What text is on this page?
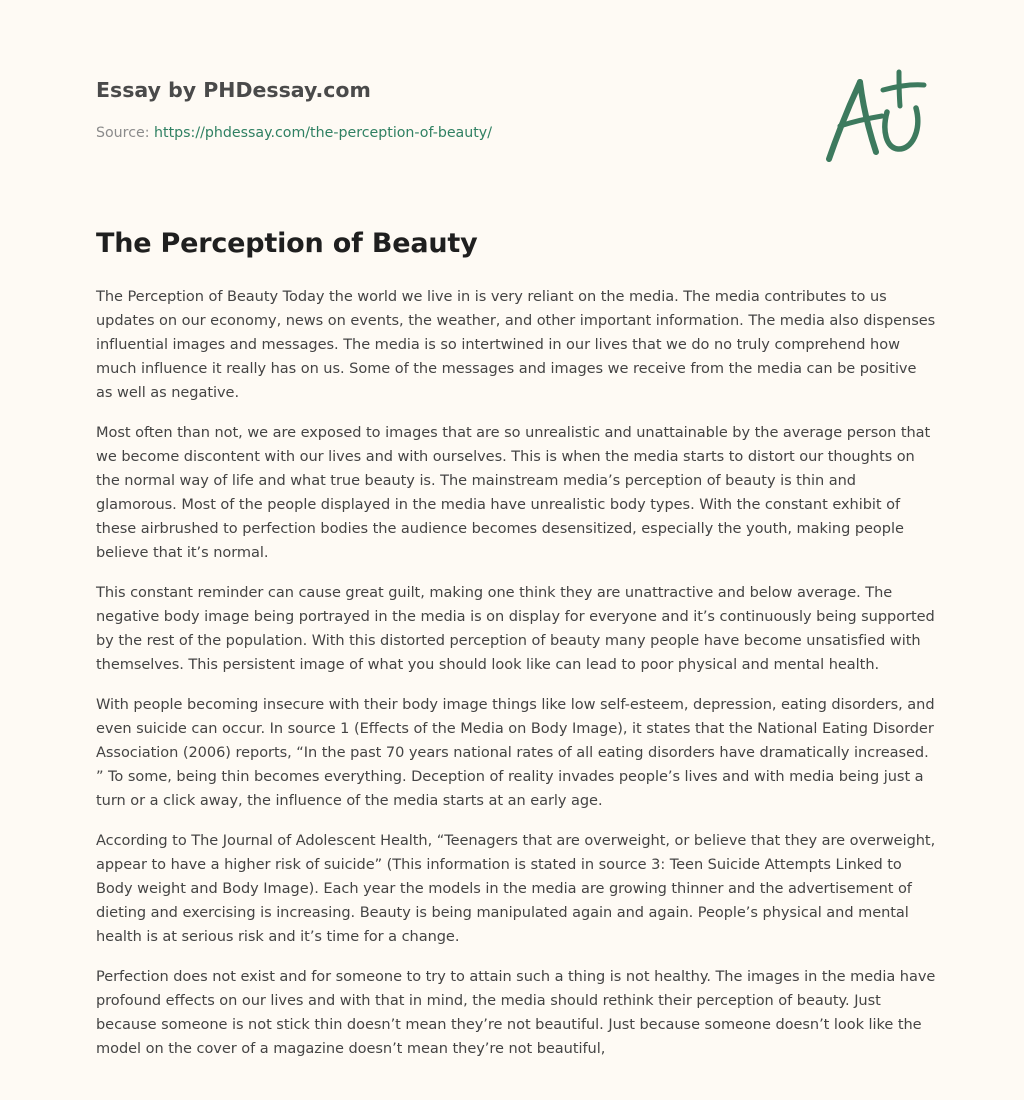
Essay by PHDessay.com
Source: https://phdessay.com/the-perception-of-beauty/
The Perception of Beauty

The Perception of Beauty Today the world we live in is very reliant on the media. The media contributes to us updates on our economy, news on events, the weather, and other important information. The media also dispenses influential images and messages. The media is so intertwined in our lives that we do no truly comprehend how much influence it really has on us. Some of the messages and images we receive from the media can be positive as well as negative.

Most often than not, we are exposed to images that are so unrealistic and unattainable by the average person that we become discontent with our lives and with ourselves. This is when the media starts to distort our thoughts on the normal way of life and what true beauty is. The mainstream media’s perception of beauty is thin and glamorous. Most of the people displayed in the media have unrealistic body types. With the constant exhibit of these airbrushed to perfection bodies the audience becomes desensitized, especially the youth, making people believe that it’s normal.

This constant reminder can cause great guilt, making one think they are unattractive and below average. The negative body image being portrayed in the media is on display for everyone and it’s continuously being supported by the rest of the population. With this distorted perception of beauty many people have become unsatisfied with themselves. This persistent image of what you should look like can lead to poor physical and mental health.

With people becoming insecure with their body image things like low self-esteem, depression, eating disorders, and even suicide can occur. In source 1 (Effects of the Media on Body Image), it states that the National Eating Disorder Association (2006) reports, “In the past 70 years national rates of all eating disorders have dramatically increased. ” To some, being thin becomes everything. Deception of reality invades people’s lives and with media being just a turn or a click away, the influence of the media starts at an early age.

According to The Journal of Adolescent Health, “Teenagers that are overweight, or believe that they are overweight, appear to have a higher risk of suicide” (This information is stated in source 3: Teen Suicide Attempts Linked to Body weight and Body Image). Each year the models in the media are growing thinner and the advertisement of dieting and exercising is increasing. Beauty is being manipulated again and again. People’s physical and mental health is at serious risk and it’s time for a change.

Perfection does not exist and for someone to try to attain such a thing is not healthy. The images in the media have profound effects on our lives and with that in mind, the media should rethink their perception of beauty. Just because someone is not stick thin doesn’t mean they’re not beautiful. Just because someone doesn’t look like the model on the cover of a magazine doesn’t mean they’re not beautiful,
